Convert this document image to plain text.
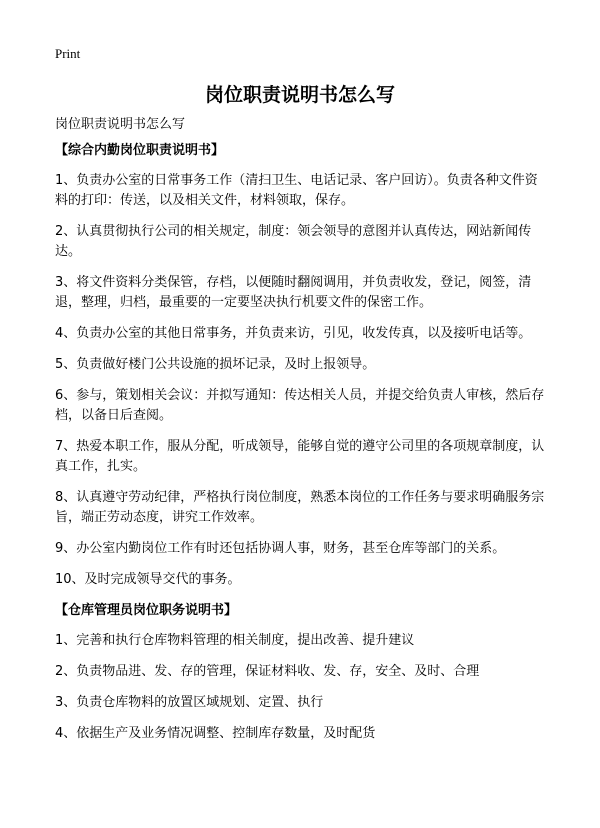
Print
岗位职责说明书怎么写
岗位职责说明书怎么写
【综合内勤岗位职责说明书】
1、负责办公室的日常事务工作（清扫卫生、电话记录、客户回访）。负责各种文件资料的打印：传送，以及相关文件，材料领取，保存。
2、认真贯彻执行公司的相关规定，制度：领会领导的意图并认真传达，网站新闻传达。
3、将文件资料分类保管，存档，以便随时翻阅调用，并负责收发，登记，阅签，清退，整理，归档，最重要的一定要坚决执行机要文件的保密工作。
4、负责办公室的其他日常事务，并负责来访，引见，收发传真，以及接听电话等。
5、负责做好楼门公共设施的损坏记录，及时上报领导。
6、参与，策划相关会议：并拟写通知：传达相关人员，并提交给负责人审核，然后存档，以备日后查阅。
7、热爱本职工作，服从分配，听成领导，能够自觉的遵守公司里的各项规章制度，认真工作，扎实。
8、认真遵守劳动纪律，严格执行岗位制度，熟悉本岗位的工作任务与要求明确服务宗旨，端正劳动态度，讲究工作效率。
9、办公室内勤岗位工作有时还包括协调人事，财务，甚至仓库等部门的关系。
10、及时完成领导交代的事务。
【仓库管理员岗位职务说明书】
1、完善和执行仓库物料管理的相关制度，提出改善、提升建议
2、负责物品进、发、存的管理，保证材料收、发、存，安全、及时、合理
3、负责仓库物料的放置区域规划、定置、执行
4、依据生产及业务情况调整、控制库存数量，及时配货
